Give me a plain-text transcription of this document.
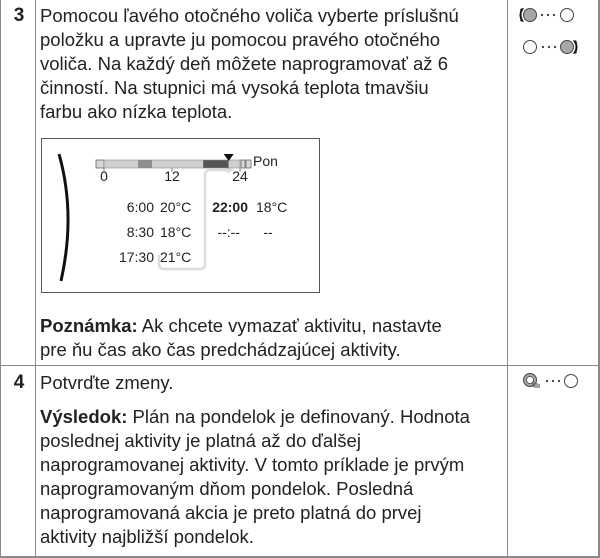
3 Pomocou ľavého otočného voliča vyberte príslušnú
položku a upravte ju pomocou pravého otočného
voliča. Na každý deň môžete naprogramovať až 6
činností. Na stupnici má vysoká teplota tmavšiu
farbu ako nízka teplota.
Pon
0	12	24
6:00 20°C
8:30 18°C
17:30 21°C
22:00 18°C
--:-- --
Poznámka: Ak chcete vymazať aktivitu, nastavte
pre ňu čas ako čas predchádzajúcej aktivity.
4 Potvrďte zmeny.
Výsledok: Plán na pondelok je definovaný. Hodnota
poslednej aktivity je platná až do ďalšej
naprogramovanej aktivity. V tomto príklade je prvým
naprogramovaným dňom pondelok. Posledná
naprogramovaná akcia je preto platná do prvej
aktivity najbližší pondelok.
